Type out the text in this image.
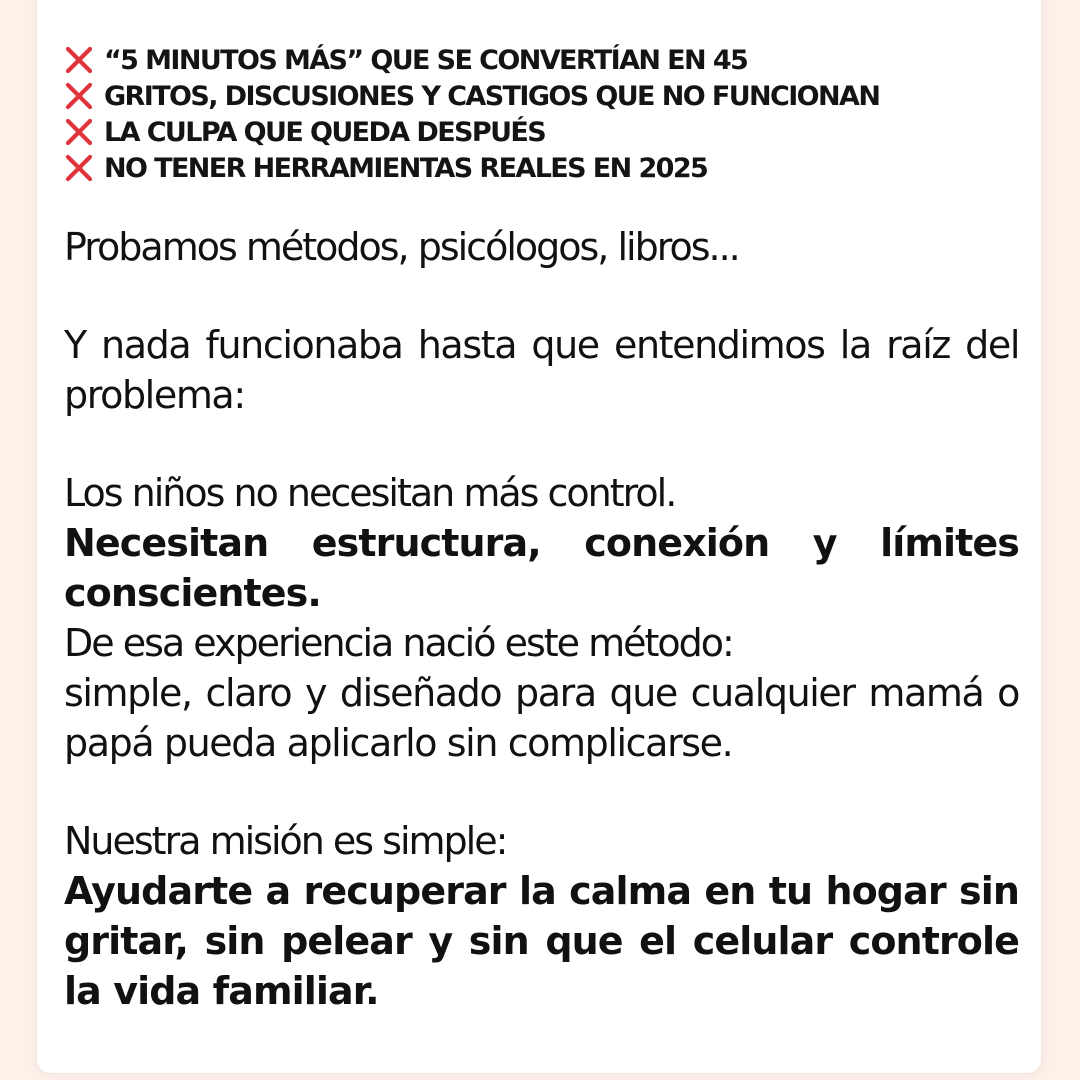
“5 MINUTOS MÁS” QUE SE CONVERTÍAN EN 45
GRITOS, DISCUSIONES Y CASTIGOS QUE NO FUNCIONAN
LA CULPA QUE QUEDA DESPUÉS
NO TENER HERRAMIENTAS REALES EN 2025

Probamos métodos, psicólogos, libros...

Y nada funcionaba hasta que entendimos la raíz del problema:

Los niños no necesitan más control.

Necesitan estructura, conexión y límites conscientes.

De esa experiencia nació este método:

simple, claro y diseñado para que cualquier mamá o papá pueda aplicarlo sin complicarse.

Nuestra misión es simple:

Ayudarte a recuperar la calma en tu hogar sin gritar, sin pelear y sin que el celular controle la vida familiar.
